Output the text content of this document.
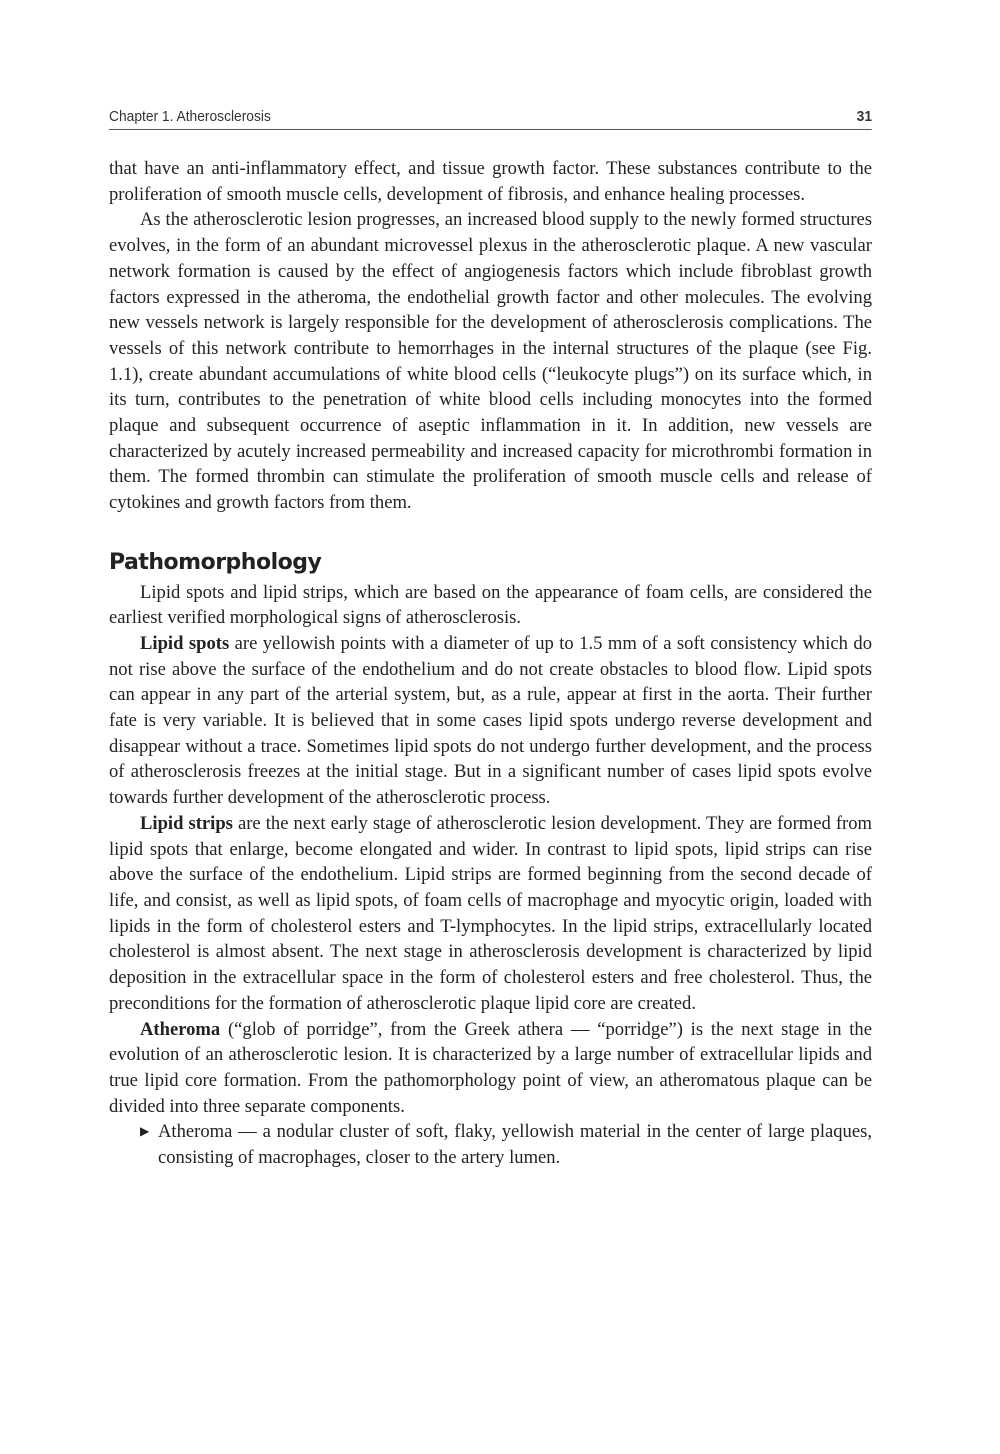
Chapter 1. Atherosclerosis	31

that have an anti-inflammatory effect, and tissue growth factor. These substances contribute to the proliferation of smooth muscle cells, development of fibrosis, and enhance healing processes.

As the atherosclerotic lesion progresses, an increased blood supply to the newly formed structures evolves, in the form of an abundant microvessel plexus in the atherosclerotic plaque. A new vascular network formation is caused by the effect of angiogenesis factors which include fibroblast growth factors expressed in the atheroma, the endothelial growth factor and other molecules. The evolving new vessels network is largely responsible for the development of atherosclerosis complications. The vessels of this network contribute to hemorrhages in the internal structures of the plaque (see Fig. 1.1), create abundant accumulations of white blood cells (“leukocyte plugs”) on its surface which, in its turn, contributes to the penetration of white blood cells including monocytes into the formed plaque and subsequent occurrence of aseptic inflammation in it. In addition, new vessels are characterized by acutely increased permeability and increased capacity for microthrombi formation in them. The formed thrombin can stimulate the proliferation of smooth muscle cells and release of cytokines and growth factors from them.

Pathomorphology

Lipid spots and lipid strips, which are based on the appearance of foam cells, are considered the earliest verified morphological signs of atherosclerosis.

Lipid spots are yellowish points with a diameter of up to 1.5 mm of a soft consistency which do not rise above the surface of the endothelium and do not create obstacles to blood flow. Lipid spots can appear in any part of the arterial system, but, as a rule, appear at first in the aorta. Their further fate is very variable. It is believed that in some cases lipid spots undergo reverse development and disappear without a trace. Sometimes lipid spots do not undergo further development, and the process of atherosclerosis freezes at the initial stage. But in a significant number of cases lipid spots evolve towards further development of the atherosclerotic process.

Lipid strips are the next early stage of atherosclerotic lesion development. They are formed from lipid spots that enlarge, become elongated and wider. In contrast to lipid spots, lipid strips can rise above the surface of the endothelium. Lipid strips are formed beginning from the second decade of life, and consist, as well as lipid spots, of foam cells of macrophage and myocytic origin, loaded with lipids in the form of cholesterol esters and T-lymphocytes. In the lipid strips, extracellularly located cholesterol is almost absent. The next stage in atherosclerosis development is characterized by lipid deposition in the extracellular space in the form of cholesterol esters and free cholesterol. Thus, the preconditions for the formation of atherosclerotic plaque lipid core are created.

Atheroma (“glob of porridge”, from the Greek athera — “porridge”) is the next stage in the evolution of an atherosclerotic lesion. It is characterized by a large number of extracellular lipids and true lipid core formation. From the pathomorphology point of view, an atheromatous plaque can be divided into three separate components.

▶ Atheroma — a nodular cluster of soft, flaky, yellowish material in the center of large plaques, consisting of macrophages, closer to the artery lumen.
